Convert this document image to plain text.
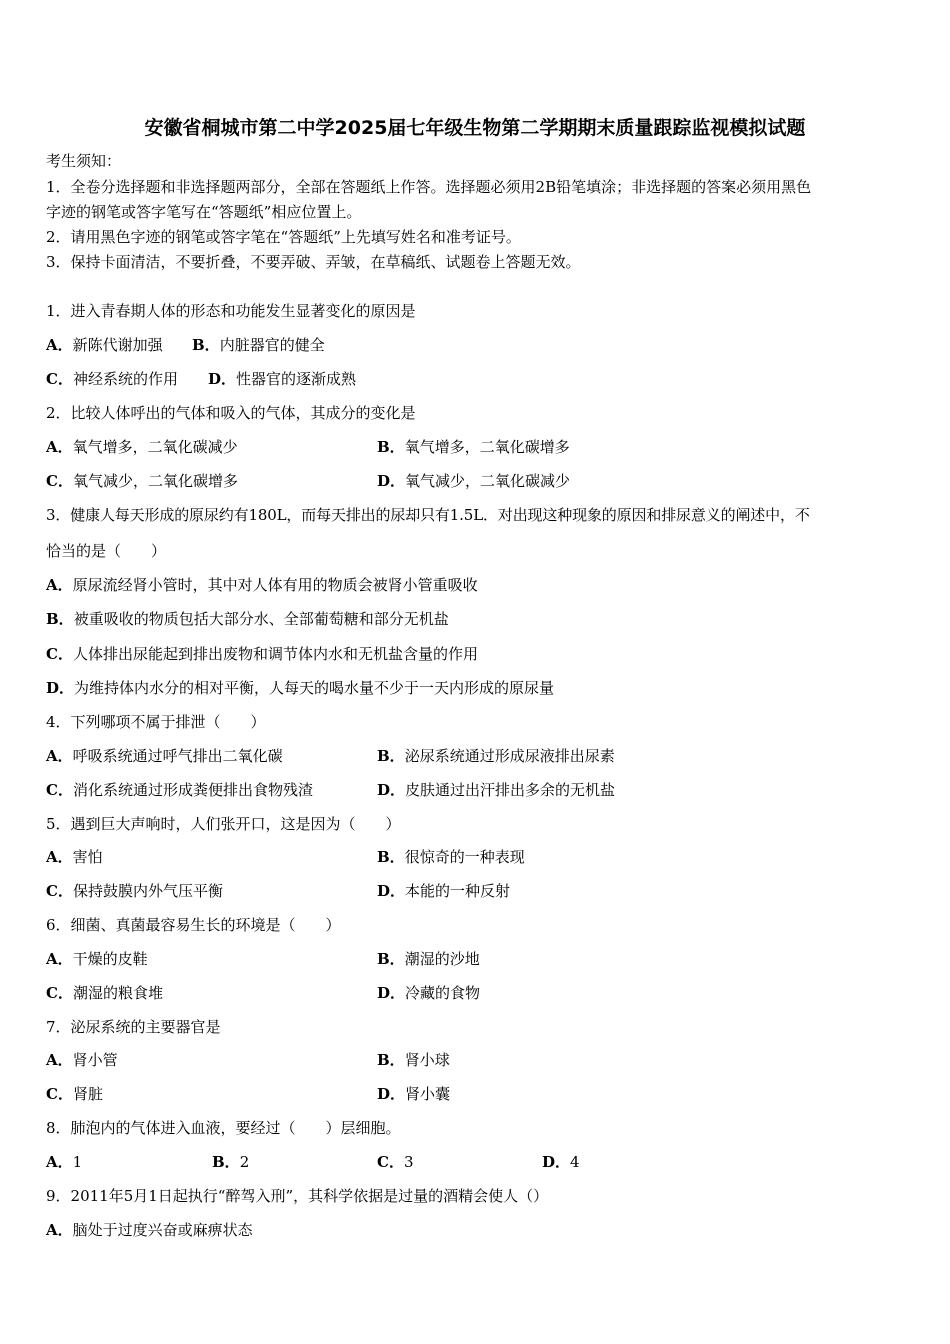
安徽省桐城市第二中学2025届七年级生物第二学期期末质量跟踪监视模拟试题
考生须知：
1．全卷分选择题和非选择题两部分，全部在答题纸上作答。选择题必须用2B铅笔填涂；非选择题的答案必须用黑色
字迹的钢笔或答字笔写在“答题纸”相应位置上。
2．请用黑色字迹的钢笔或答字笔在“答题纸”上先填写姓名和准考证号。
3．保持卡面清洁，不要折叠，不要弄破、弄皱，在草稿纸、试题卷上答题无效。
1．进入青春期人体的形态和功能发生显著变化的原因是
A．新陈代谢加强 B．内脏器官的健全
C．神经系统的作用 D．性器官的逐渐成熟
2．比较人体呼出的气体和吸入的气体，其成分的变化是
A．氧气增多，二氧化碳减少	B．氧气增多，二氧化碳增多
C．氧气减少，二氧化碳增多	D．氧气减少，二氧化碳减少
3．健康人每天形成的原尿约有180L，而每天排出的尿却只有1.5L．对出现这种现象的原因和排尿意义的阐述中，不
恰当的是（　　）
A．原尿流经肾小管时，其中对人体有用的物质会被肾小管重吸收
B．被重吸收的物质包括大部分水、全部葡萄糖和部分无机盐
C．人体排出尿能起到排出废物和调节体内水和无机盐含量的作用
D．为维持体内水分的相对平衡，人每天的喝水量不少于一天内形成的原尿量
4．下列哪项不属于排泄（　　）
A．呼吸系统通过呼气排出二氧化碳	B．泌尿系统通过形成尿液排出尿素
C．消化系统通过形成粪便排出食物残渣	D．皮肤通过出汗排出多余的无机盐
5．遇到巨大声响时，人们张开口，这是因为（　　）
A．害怕	B．很惊奇的一种表现
C．保持鼓膜内外气压平衡	D．本能的一种反射
6．细菌、真菌最容易生长的环境是（　　）
A．干燥的皮鞋	B．潮湿的沙地
C．潮湿的粮食堆	D．冷藏的食物
7．泌尿系统的主要器官是
A．肾小管	B．肾小球
C．肾脏	D．肾小囊
8．肺泡内的气体进入血液，要经过（　　）层细胞。
A．1	B．2	C．3	D．4
9．2011年5月1日起执行“醉驾入刑”，其科学依据是过量的酒精会使人（）
A．脑处于过度兴奋或麻痹状态
